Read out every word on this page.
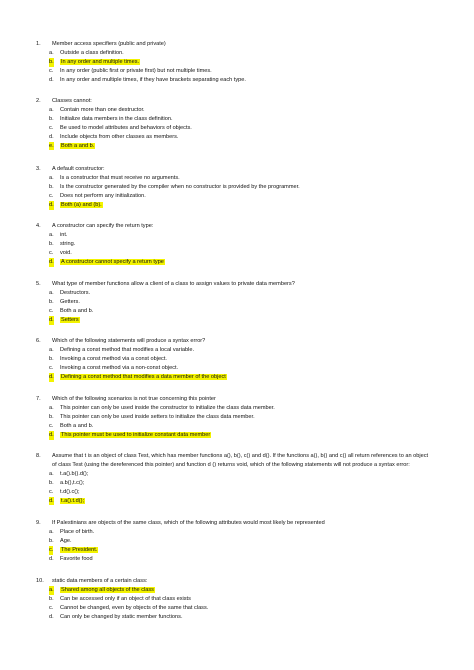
1.	Member access specifiers (public and private)
a. Outside a class definition.
b. In any order and multiple times.
c. In any order (public first or private first) but not multiple times.
d. In any order and multiple times, if they have brackets separating each type.
2.	Classes cannot:
a. Contain more than one destructor.
b. Initialize data members in the class definition.
c. Be used to model attributes and behaviors of objects.
d. Include objects from other classes as members.
e. Both a and b.
3.	A default constructor:
a. Is a constructor that must receive no arguments.
b. Is the constructor generated by the compiler when no constructor is provided by the programmer.
c. Does not perform any initialization.
d. Both (a) and (b).
4.	A constructor can specify the return type:
a. int.
b. string.
c. void.
d. A constructor cannot specify a return type
5.	What type of member functions allow a client of a class to assign values to private data members?
a. Destructors.
b. Getters.
c. Both a and b.
d. Setters
6.	Which of the following statements will produce a syntax error?
a. Defining a const method that modifies a local variable.
b. Invoking a const method via a const object.
c. Invoking a const method via a non-const object.
d. Defining a const method that modifies a data member of the object
7.	Which of the following scenarios is not true concerning this pointer
a. This pointer can only be used inside the constructor to initialize the class data member.
b. This pointer can only be used inside setters to initialize the class data member.
c. Both a and b.
d. This pointer must be used to initialize constant data member
8.	Assume that t is an object of class Test, which has member functions a(), b(), c() and d(). If the functions a(), b() and c() all return references to an object
of class Test (using the dereferenced this pointer) and function d () returns void, which of the following statements will not produce a syntax error:
a. t.a().b().d();
b. a.b(),t.c();
c. t.d().c();
d. t.a().t.d();
9.	If Palestinians are objects of the same class, which of the following attributes would most likely be represented
a. Place of birth.
b. Age.
c. The President.
d. Favorite food
10.	static data members of a certain class:
a. Shared among all objects of the class
b. Can be accessed only if an object of that class exists
c. Cannot be changed, even by objects of the same that class.
d. Can only be changed by static member functions.
